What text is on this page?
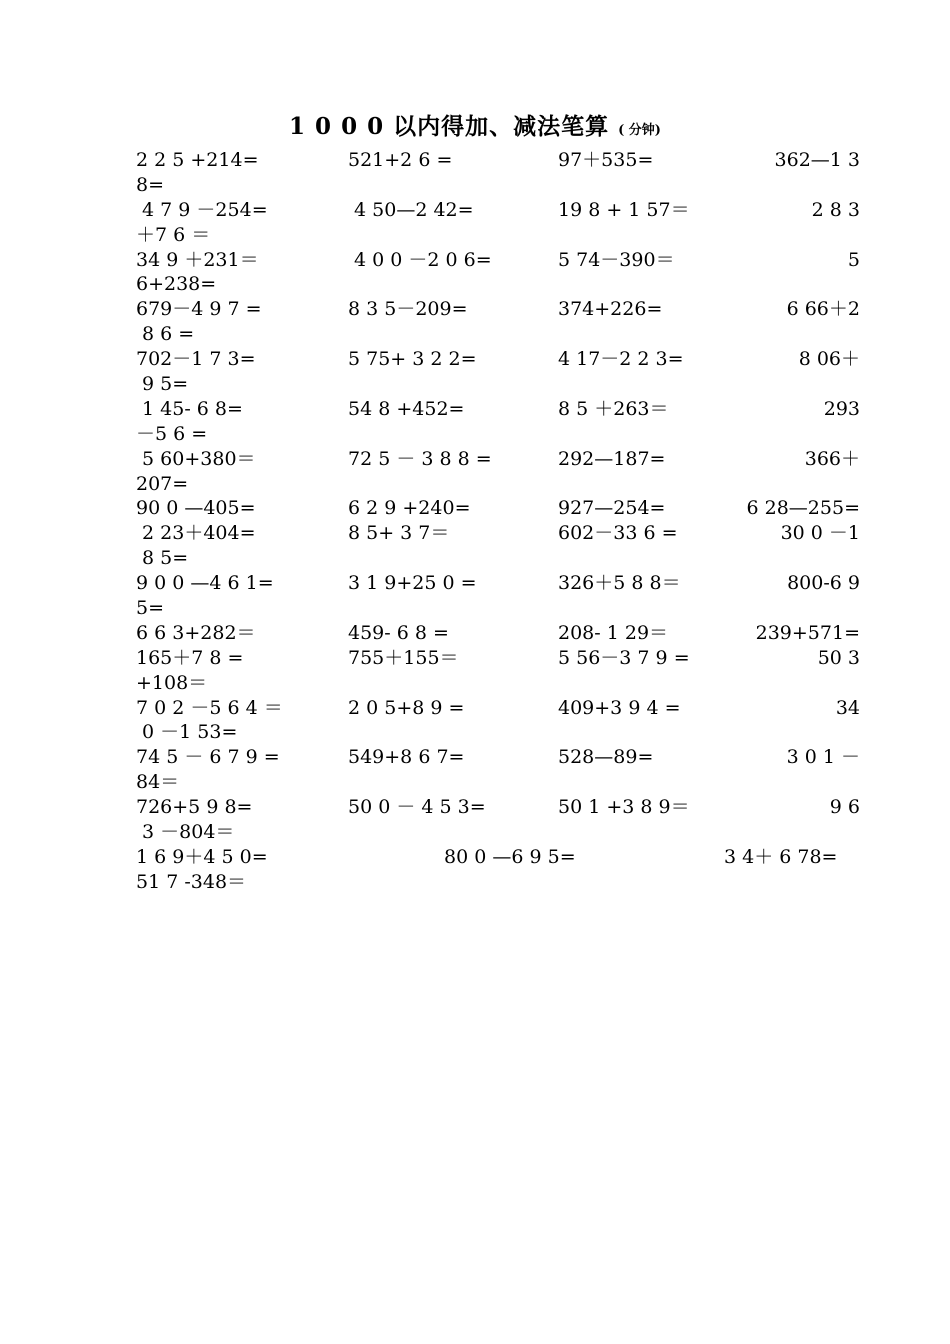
1 0 0 0 以内得加、减法笔算 ( 分钟)
2 2 5 +214=	521+2 6 =	97＋535=	362—1 3
8=
4 7 9 －254=	4 50—2 42=	19 8 + 1 57＝	2 8 3
＋7 6 ＝
34 9 ＋231＝	4 0 0 －2 0 6=	5 74－390＝	5
6+238=
679－4 9 7 =	8 3 5－209=	374+226=	6 66＋2
8 6 =
702－1 7 3=	5 75+ 3 2 2=	4 17－2 2 3=	8 06＋
9 5=
1 45- 6 8=	54 8 +452=	8 5 ＋263＝	293
－5 6 =
5 60+380＝	72 5 － 3 8 8 =	292—187=	366＋
207=
90 0 —405=	6 2 9 +240=	927—254=	6 28—255=
2 23＋404=	8 5+ 3 7＝	602－33 6 =	30 0 －1
8 5=
9 0 0 —4 6 1=	3 1 9+25 0 =	326＋5 8 8＝	800-6 9
5=
6 6 3+282＝	459- 6 8 =	208- 1 29＝	239+571=
165＋7 8 =	755＋155＝	5 56－3 7 9 =	50 3
+108＝
7 0 2 －5 6 4 ＝	2 0 5+8 9 =	409+3 9 4 =	34
0 －1 53=
74 5 － 6 7 9 =	549+8 6 7=	528—89=	3 0 1 －
84＝
726+5 9 8=	50 0 － 4 5 3=	50 1 +3 8 9＝	9 6
3 －804＝
1 6 9＋4 5 0=	80 0 —6 9 5=	3 4＋ 6 78=
51 7 -348＝
